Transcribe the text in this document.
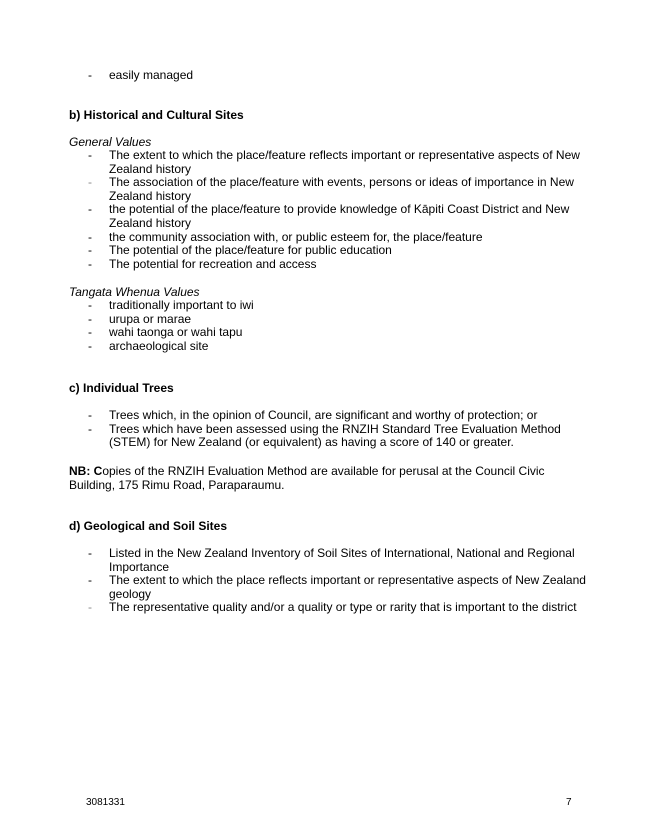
- easily managed
b) Historical and Cultural Sites
General Values
- The extent to which the place/feature reflects important or representative aspects of New Zealand history
- The association of the place/feature with events, persons or ideas of importance in New Zealand history
- the potential of the place/feature to provide knowledge of Kāpiti Coast District and New Zealand history
- the community association with, or public esteem for, the place/feature
- The potential of the place/feature for public education
- The potential for recreation and access
Tangata Whenua Values
- traditionally important to iwi
- urupa or marae
- wahi taonga or wahi tapu
- archaeological site
c) Individual Trees
- Trees which, in the opinion of Council, are significant and worthy of protection; or
- Trees which have been assessed using the RNZIH Standard Tree Evaluation Method (STEM) for New Zealand (or equivalent) as having a score of 140 or greater.
NB: Copies of the RNZIH Evaluation Method are available for perusal at the Council Civic Building, 175 Rimu Road, Paraparaumu.
d) Geological and Soil Sites
- Listed in the New Zealand Inventory of Soil Sites of International, National and Regional Importance
- The extent to which the place reflects important or representative aspects of New Zealand geology
- The representative quality and/or a quality or type or rarity that is important to the district
3081331	7
